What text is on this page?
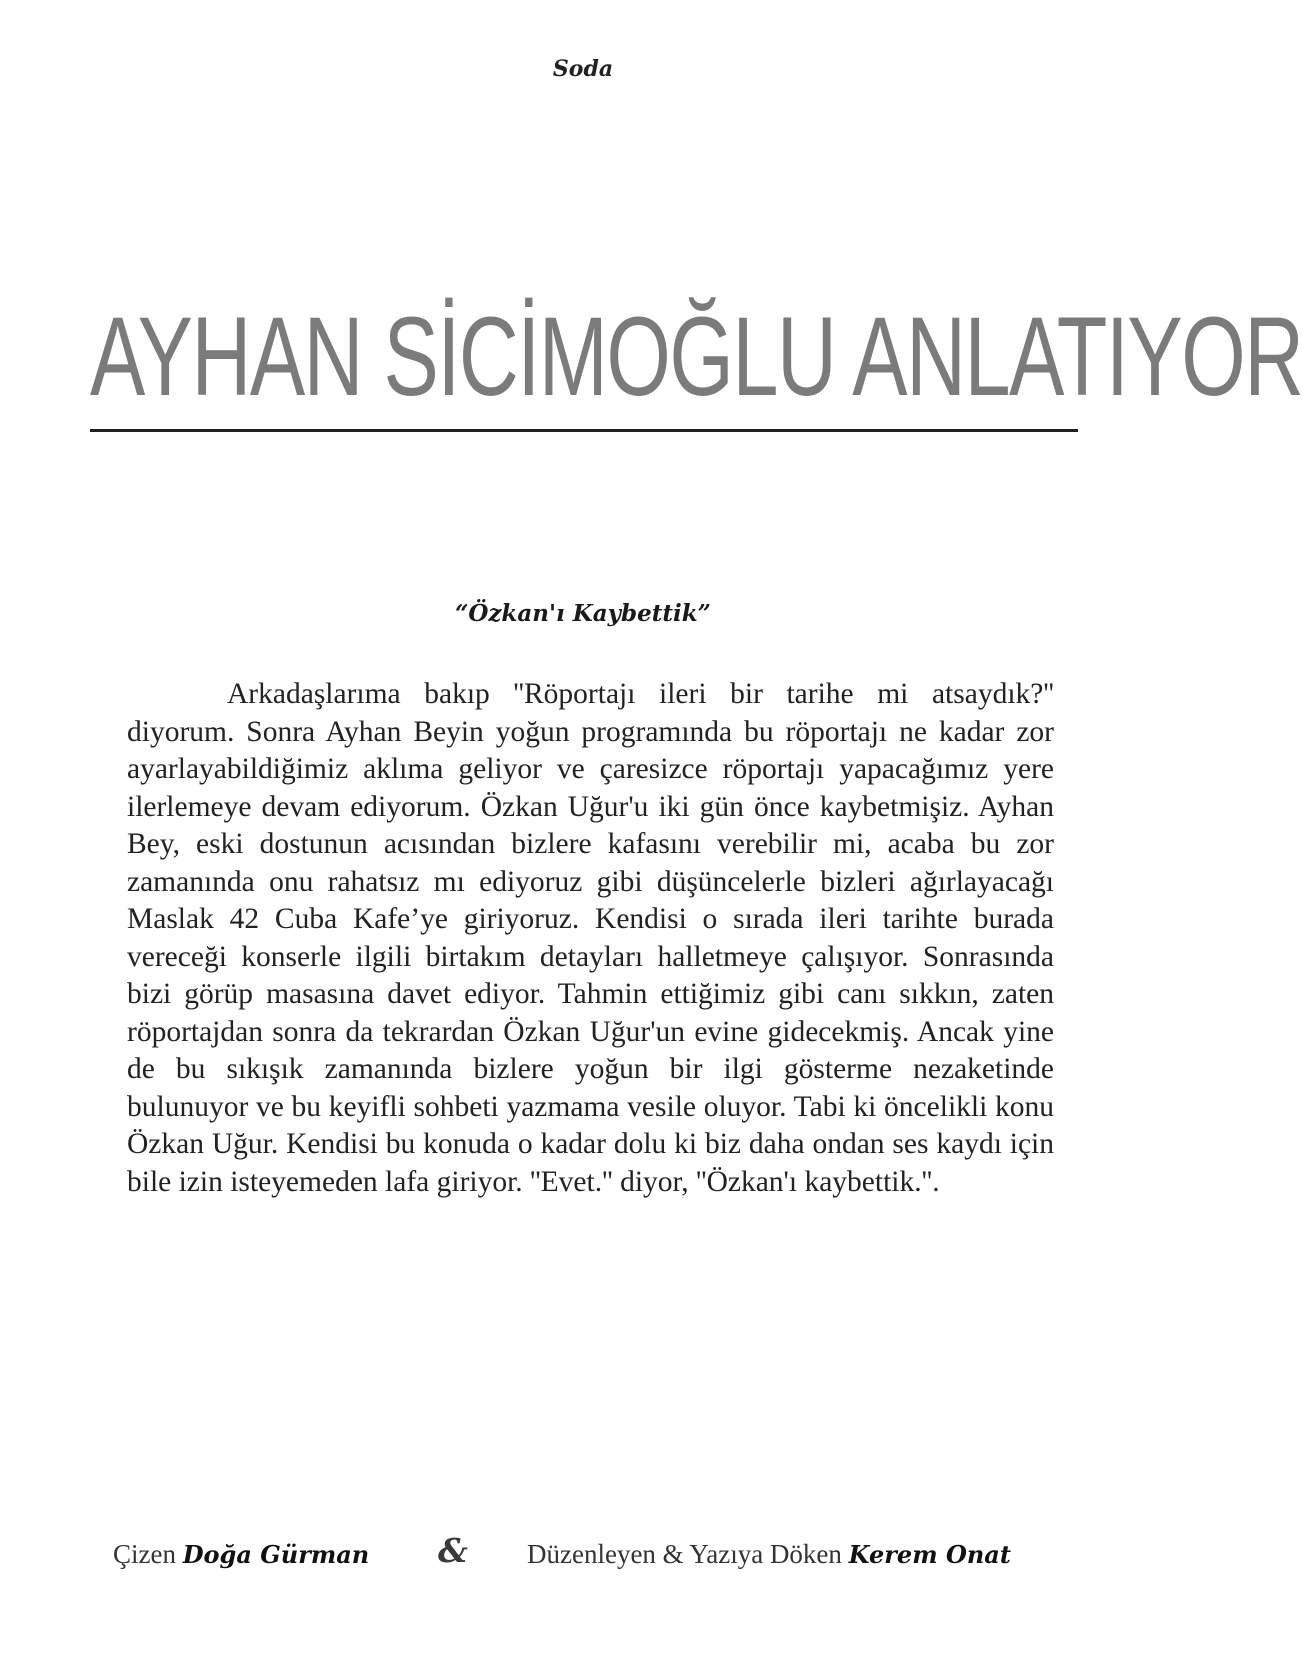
Soda
AYHAN SİCİMOĞLU ANLATIYOR
“Özkan'ı Kaybettik”

Arkadaşlarıma bakıp ''Röportajı ileri bir tarihe mi atsaydık?'' diyorum. Sonra Ayhan Beyin yoğun programında bu röportajı ne kadar zor ayarlayabildiğimiz aklıma geliyor ve çaresizce röportajı yapacağımız yere ilerlemeye devam ediyorum. Özkan Uğur'u iki gün önce kaybetmişiz. Ayhan Bey, eski dostunun acısından bizlere kafasını verebilir mi, acaba bu zor zamanında onu rahatsız mı ediyoruz gibi düşüncelerle bizleri ağırlayacağı Maslak 42 Cuba Kafe’ye giriyoruz. Kendisi o sırada ileri tarihte burada vereceği konserle ilgili birtakım detayları halletmeye çalışıyor. Sonrasında bizi görüp masasına davet ediyor. Tahmin ettiğimiz gibi canı sıkkın, zaten röportajdan sonra da tekrardan Özkan Uğur'un evine gidecekmiş. Ancak yine de bu sıkışık zamanında bizlere yoğun bir ilgi gösterme nezaketinde bulunuyor ve bu keyifli sohbeti yazmama vesile oluyor. Tabi ki öncelikli konu Özkan Uğur. Kendisi bu konuda o kadar dolu ki biz daha ondan ses kaydı için bile izin isteyemeden lafa giriyor. ''Evet.'' diyor, ''Özkan'ı kaybettik.''.

Çizen Doğa Gürman & Düzenleyen & Yazıya Döken Kerem Onat
